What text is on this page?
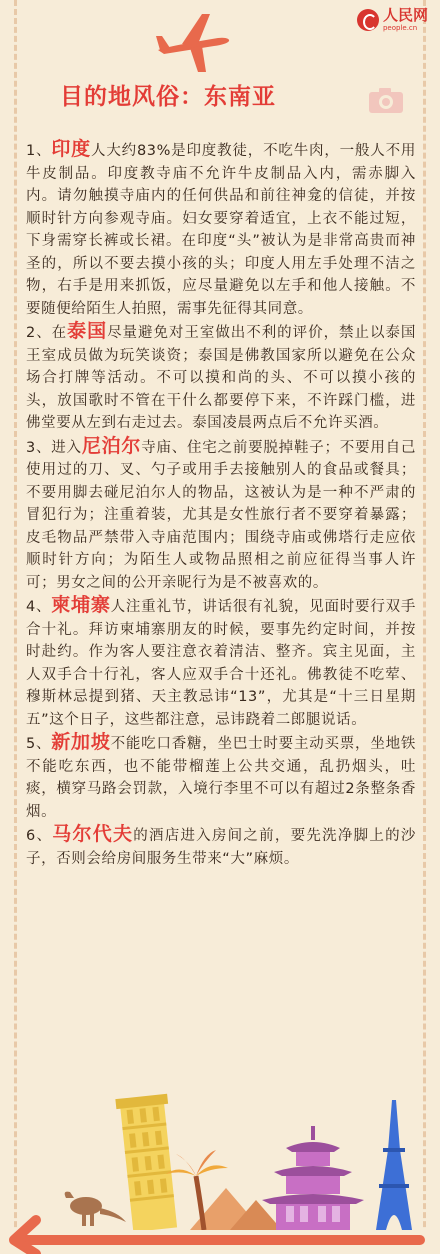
人民网
people.cn
目的地风俗：东南亚

1、印度人大约83%是印度教徒，不吃牛肉，一般人不用牛皮制品。印度教寺庙不允许牛皮制品入内，需赤脚入内。请勿触摸寺庙内的任何供品和前往神龛的信徒，并按顺时针方向参观寺庙。妇女要穿着适宜，上衣不能过短，下身需穿长裤或长裙。在印度“头”被认为是非常高贵而神圣的，所以不要去摸小孩的头；印度人用左手处理不洁之物，右手是用来抓饭，应尽量避免以左手和他人接触。不要随便给陌生人拍照，需事先征得其同意。

2、在泰国尽量避免对王室做出不利的评价，禁止以泰国王室成员做为玩笑谈资；泰国是佛教国家所以避免在公众场合打牌等活动。不可以摸和尚的头、不可以摸小孩的头，放国歌时不管在干什么都要停下来，不许踩门槛，进佛堂要从左到右走过去。泰国凌晨两点后不允许买酒。

3、进入尼泊尔寺庙、住宅之前要脱掉鞋子；不要用自己使用过的刀、叉、勺子或用手去接触别人的食品或餐具；不要用脚去碰尼泊尔人的物品，这被认为是一种不严肃的冒犯行为；注重着装，尤其是女性旅行者不要穿着暴露；皮毛物品严禁带入寺庙范围内；围绕寺庙或佛塔行走应依顺时针方向；为陌生人或物品照相之前应征得当事人许可；男女之间的公开亲昵行为是不被喜欢的。

4、柬埔寨人注重礼节，讲话很有礼貌，见面时要行双手合十礼。拜访柬埔寨朋友的时候，要事先约定时间，并按时赴约。作为客人要注意衣着清洁、整齐。宾主见面，主人双手合十行礼，客人应双手合十还礼。佛教徒不吃荤、穆斯林忌提到猪、天主教忌讳“13”，尤其是“十三日星期五”这个日子，这些都注意，忌讳跷着二郎腿说话。

5、新加坡不能吃口香糖，坐巴士时要主动买票，坐地铁不能吃东西，也不能带榴莲上公共交通，乱扔烟头，吐痰，横穿马路会罚款，入境行李里不可以有超过2条整条香烟。

6、马尔代夫的酒店进入房间之前，要先洗净脚上的沙子，否则会给房间服务生带来“大”麻烦。
